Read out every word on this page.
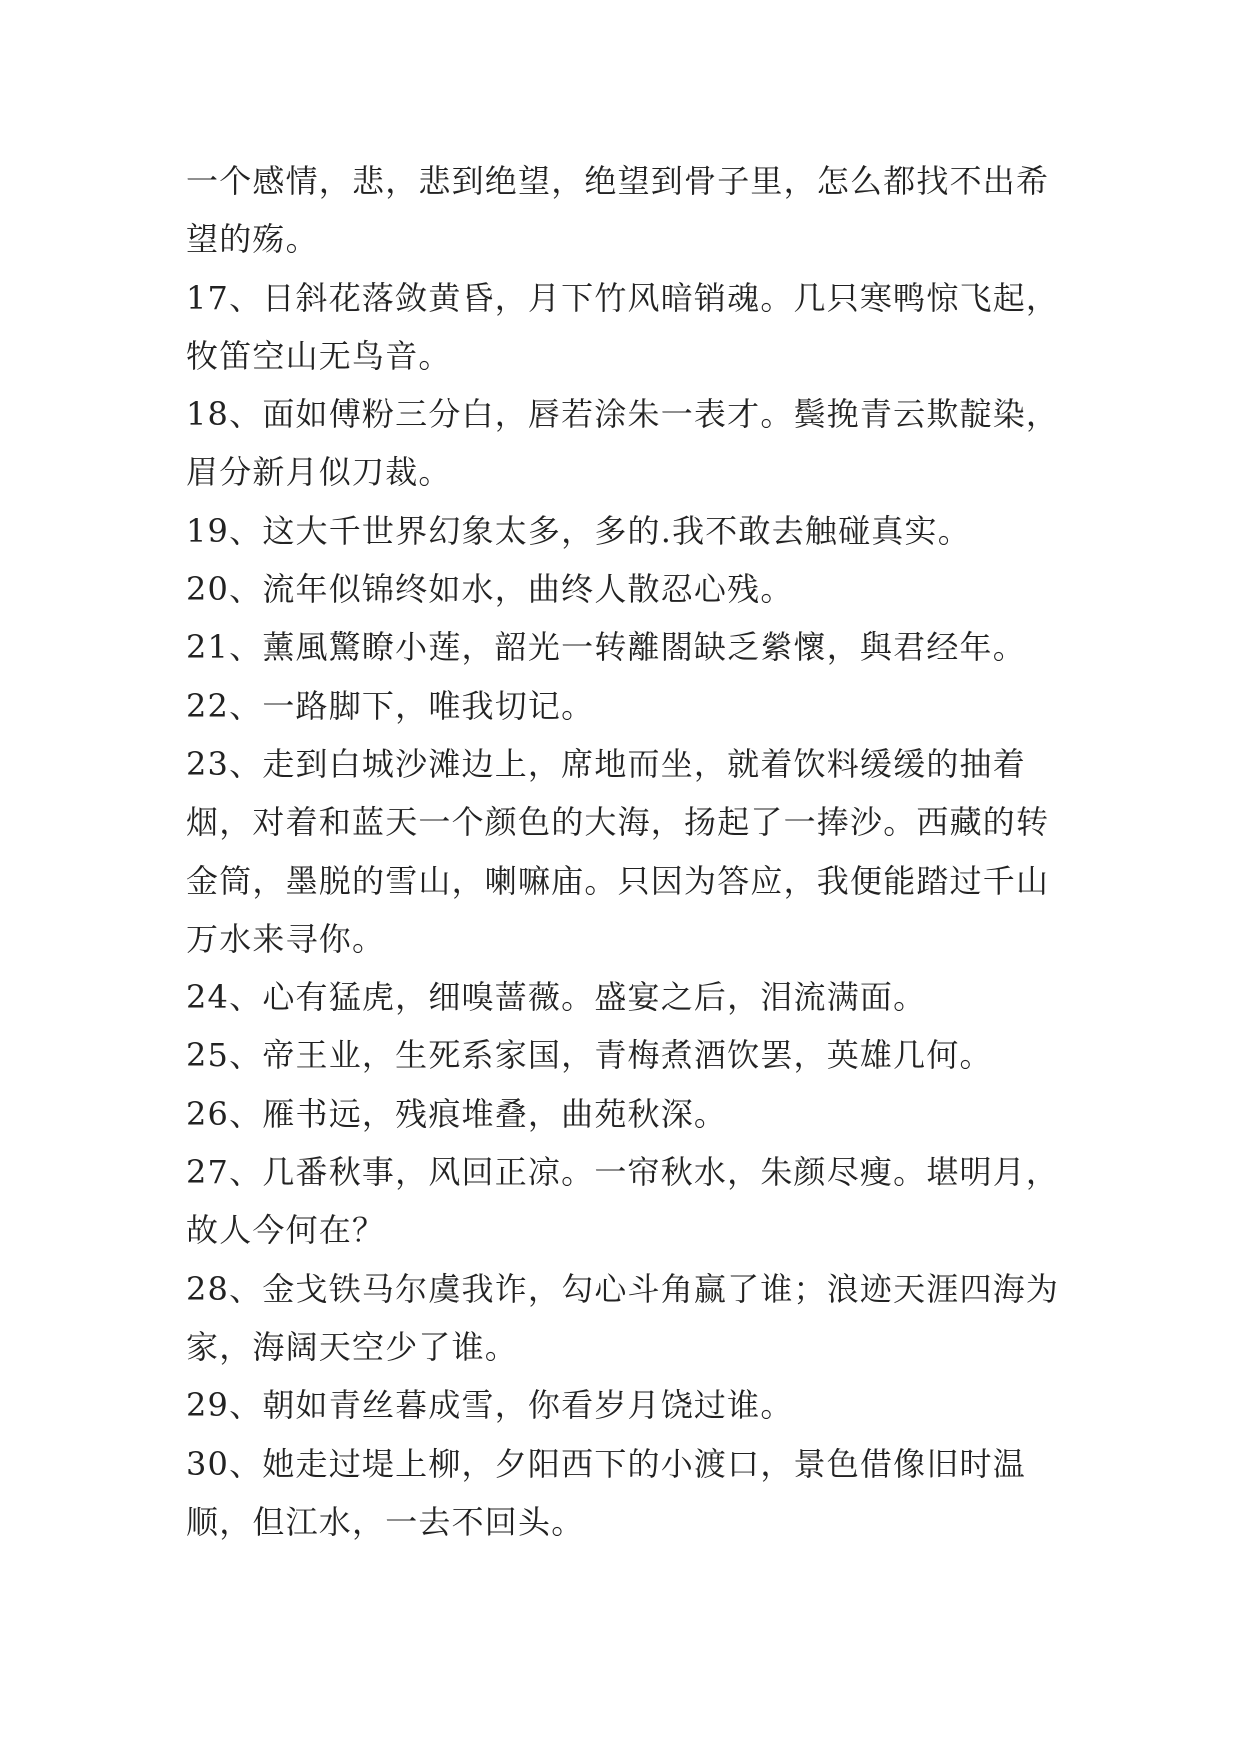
一个感情，悲，悲到绝望，绝望到骨子里，怎么都找不出希望的殇。

17、日斜花落敛黄昏，月下竹风暗销魂。几只寒鸭惊飞起，牧笛空山无鸟音。

18、面如傅粉三分白，唇若涂朱一表才。鬓挽青云欺靛染，眉分新月似刀裁。

19、这大千世界幻象太多，多的.我不敢去触碰真实。

20、流年似锦终如水，曲终人散忍心残。

21、薰風驚瞭小莲，韶光一转離閤缺乏縈懷，與君经年。

22、一路脚下，唯我切记。

23、走到白城沙滩边上，席地而坐，就着饮料缓缓的抽着烟，对着和蓝天一个颜色的大海，扬起了一捧沙。西藏的转金筒，墨脱的雪山，喇嘛庙。只因为答应，我便能踏过千山万水来寻你。

24、心有猛虎，细嗅蔷薇。盛宴之后，泪流满面。

25、帝王业，生死系家国，青梅煮酒饮罢，英雄几何。

26、雁书远，残痕堆叠，曲苑秋深。

27、几番秋事，风回正凉。一帘秋水，朱颜尽瘦。堪明月，故人今何在？

28、金戈铁马尔虞我诈，勾心斗角赢了谁；浪迹天涯四海为家，海阔天空少了谁。

29、朝如青丝暮成雪，你看岁月饶过谁。

30、她走过堤上柳，夕阳西下的小渡口，景色借像旧时温顺，但江水，一去不回头。
